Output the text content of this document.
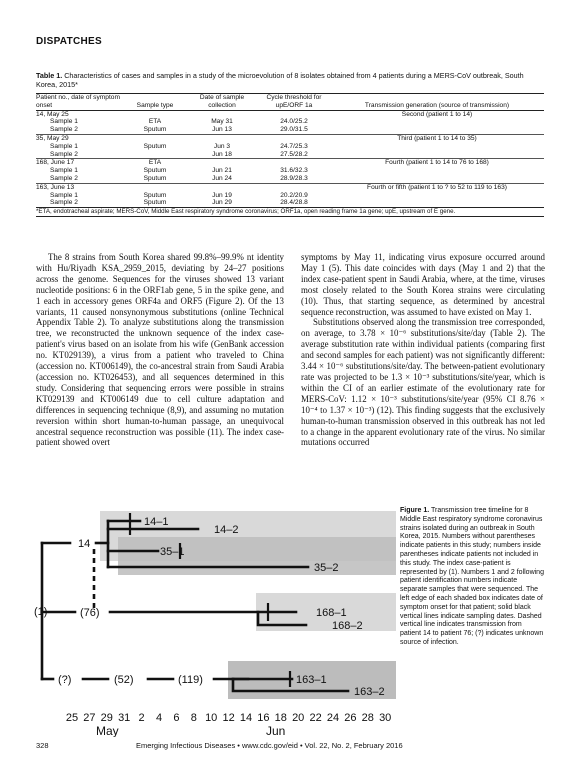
DISPATCHES
Table 1. Characteristics of cases and samples in a study of the microevolution of 8 isolates obtained from 4 patients during a MERS-CoV outbreak, South Korea, 2015*
Patient no., date of symptom onset	Sample type	Date of sample collection	Cycle threshold for upE/ORF 1a	Transmission generation (source of transmission)
14, May 25				Second (patient 1 to 14)
Sample 1	ETA	May 31	24.0/25.2	
Sample 2	Sputum	Jun 13	29.0/31.5	
35, May 29				Third (patient 1 to 14 to 35)
Sample 1	Sputum	Jun 3	24.7/25.3	
Sample 2		Jun 18	27.5/28.2	
168, June 17	ETA			Fourth (patient 1 to 14 to 76 to 168)
Sample 1	Sputum	Jun 21	31.6/32.3	
Sample 2	Sputum	Jun 24	28.9/28.3	
163, June 13				Fourth or fifth (patient 1 to ? to 52 to 119 to 163)
Sample 1	Sputum	Jun 19	20.2/20.9	
Sample 2	Sputum	Jun 29	28.4/28.8	
*ETA, endotracheal aspirate; MERS-CoV, Middle East respiratory syndrome coronavirus; ORF1a, open reading frame 1a gene; upE, upstream of E gene.				

The 8 strains from South Korea shared 99.8%–99.9% nt identity with Hu/Riyadh KSA_2959_2015, deviating by 24–27 positions across the genome. Sequences for the viruses showed 13 variant nucleotide positions: 6 in the ORF1ab gene, 5 in the spike gene, and 1 each in accessory genes ORF4a and ORF5 (Figure 2). Of the 13 variants, 11 caused nonsynonymous substitutions (online Technical Appendix Table 2). To analyze substitutions along the transmission tree, we reconstructed the unknown sequence of the index case-patient's virus based on an isolate from his wife (GenBank accession no. KT029139), a virus from a patient who traveled to China (accession no. KT006149), the co-ancestral strain from Saudi Arabia (accession no. KT026453), and all sequences determined in this study. Considering that sequencing errors were possible in strains KT029139 and KT006149 due to cell culture adaptation and differences in sequencing technique (8,9), and assuming no mutation reversion within short human-to-human passage, an unequivocal ancestral sequence reconstruction was possible (11). The index case-patient showed overt

symptoms by May 11, indicating virus exposure occurred around May 1 (5). This date coincides with days (May 1 and 2) that the index case-patient spent in Saudi Arabia, where, at the time, viruses most closely related to the South Korea strains were circulating (10). Thus, that starting sequence, as determined by ancestral sequence reconstruction, was assumed to have existed on May 1.

Substitutions observed along the transmission tree corresponded, on average, to 3.78 × 10⁻⁶ substitutions/site/day (Table 2). The average substitution rate within individual patients (comparing first and second samples for each patient) was not significantly different: 3.44 × 10⁻⁶ substitutions/site/day. The between-patient evolutionary rate was projected to be 1.3 × 10⁻³ substitutions/site/year, which is within the CI of an earlier estimate of the evolutionary rate for MERS-CoV: 1.12 × 10⁻³ substitutions/site/year (95% CI 8.76 × 10⁻⁴ to 1.37 × 10⁻³) (12). This finding suggests that the exclusively human-to-human transmission observed in this outbreak has not led to a change in the apparent evolutionary rate of the virus. No similar mutations occurred

14–1
14–2
35–1
35–2
168–1
168–2
163–1
163–2
14
(1)	(76)
(?)	(52)	(119)
25 27 29 31 2 4 6 8 10 12 14 16 18 20 22 24 26 28 30
May	Jun
Figure 1. Transmission tree timeline for 8 Middle East respiratory syndrome coronavirus strains isolated during an outbreak in South Korea, 2015. Numbers without parentheses indicate patients in this study; numbers inside parentheses indicate patients not included in this study. The index case-patient is represented by (1). Numbers 1 and 2 following patient identification numbers indicate separate samples that were sequenced. The left edge of each shaded box indicates date of symptom onset for that patient; solid black vertical lines indicate sampling dates. Dashed vertical line indicates transmission from patient 14 to patient 76; (?) indicates unknown source of infection.
328	Emerging Infectious Diseases • www.cdc.gov/eid • Vol. 22, No. 2, February 2016
